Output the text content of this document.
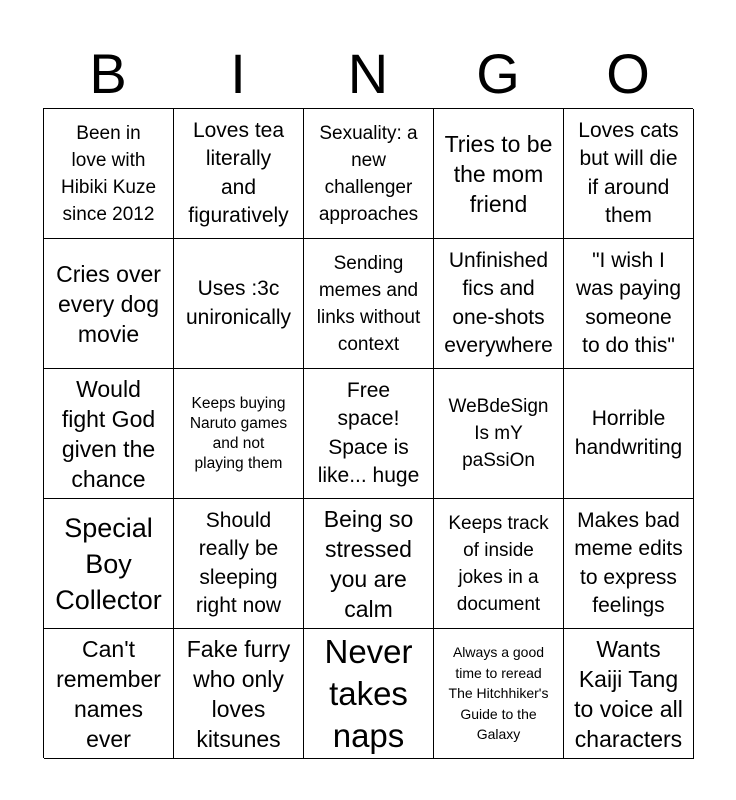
B	I	N	G	O
Been in
love with
Hibiki Kuze
since 2012
Loves tea
literally
and
figuratively
Sexuality: a
new
challenger
approaches
Tries to be
the mom
friend
Loves cats
but will die
if around
them
Cries over
every dog
movie
Uses :3c
unironically
Sending
memes and
links without
context
Unfinished
fics and
one-shots
everywhere
"I wish I
was paying
someone
to do this"
Would
fight God
given the
chance
Keeps buying
Naruto games
and not
playing them
Free
space!
Space is
like... huge
WeBdeSign
Is mY
paSsiOn
Horrible
handwriting
Special
Boy
Collector
Should
really be
sleeping
right now
Being so
stressed
you are
calm
Keeps track
of inside
jokes in a
document
Makes bad
meme edits
to express
feelings
Can't
remember
names
ever
Fake furry
who only
loves
kitsunes
Never
takes
naps
Always a good
time to reread
The Hitchhiker's
Guide to the
Galaxy
Wants
Kaiji Tang
to voice all
characters
